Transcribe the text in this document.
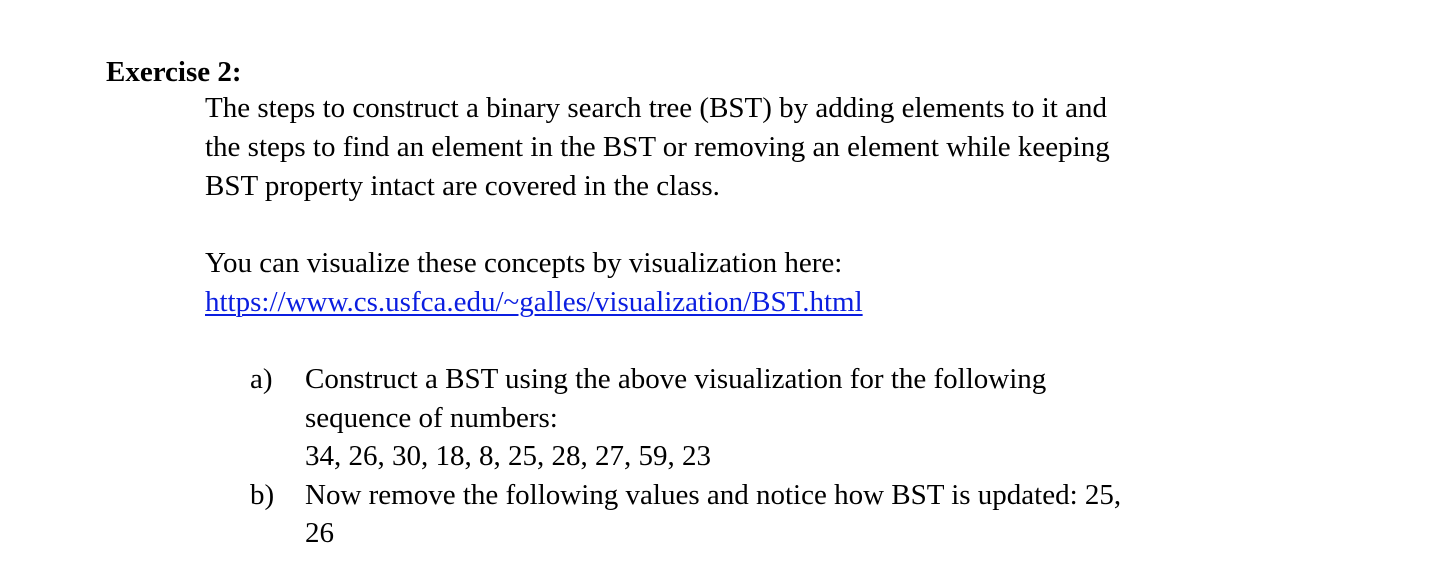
Exercise 2:

The steps to construct a binary search tree (BST) by adding elements to it and
the steps to find an element in the BST or removing an element while keeping
BST property intact are covered in the class.

You can visualize these concepts by visualization here:
https://www.cs.usfca.edu/~galles/visualization/BST.html

a) Construct a BST using the above visualization for the following
sequence of numbers:
34, 26, 30, 18, 8, 25, 28, 27, 59, 23
b) Now remove the following values and notice how BST is updated: 25,
26
